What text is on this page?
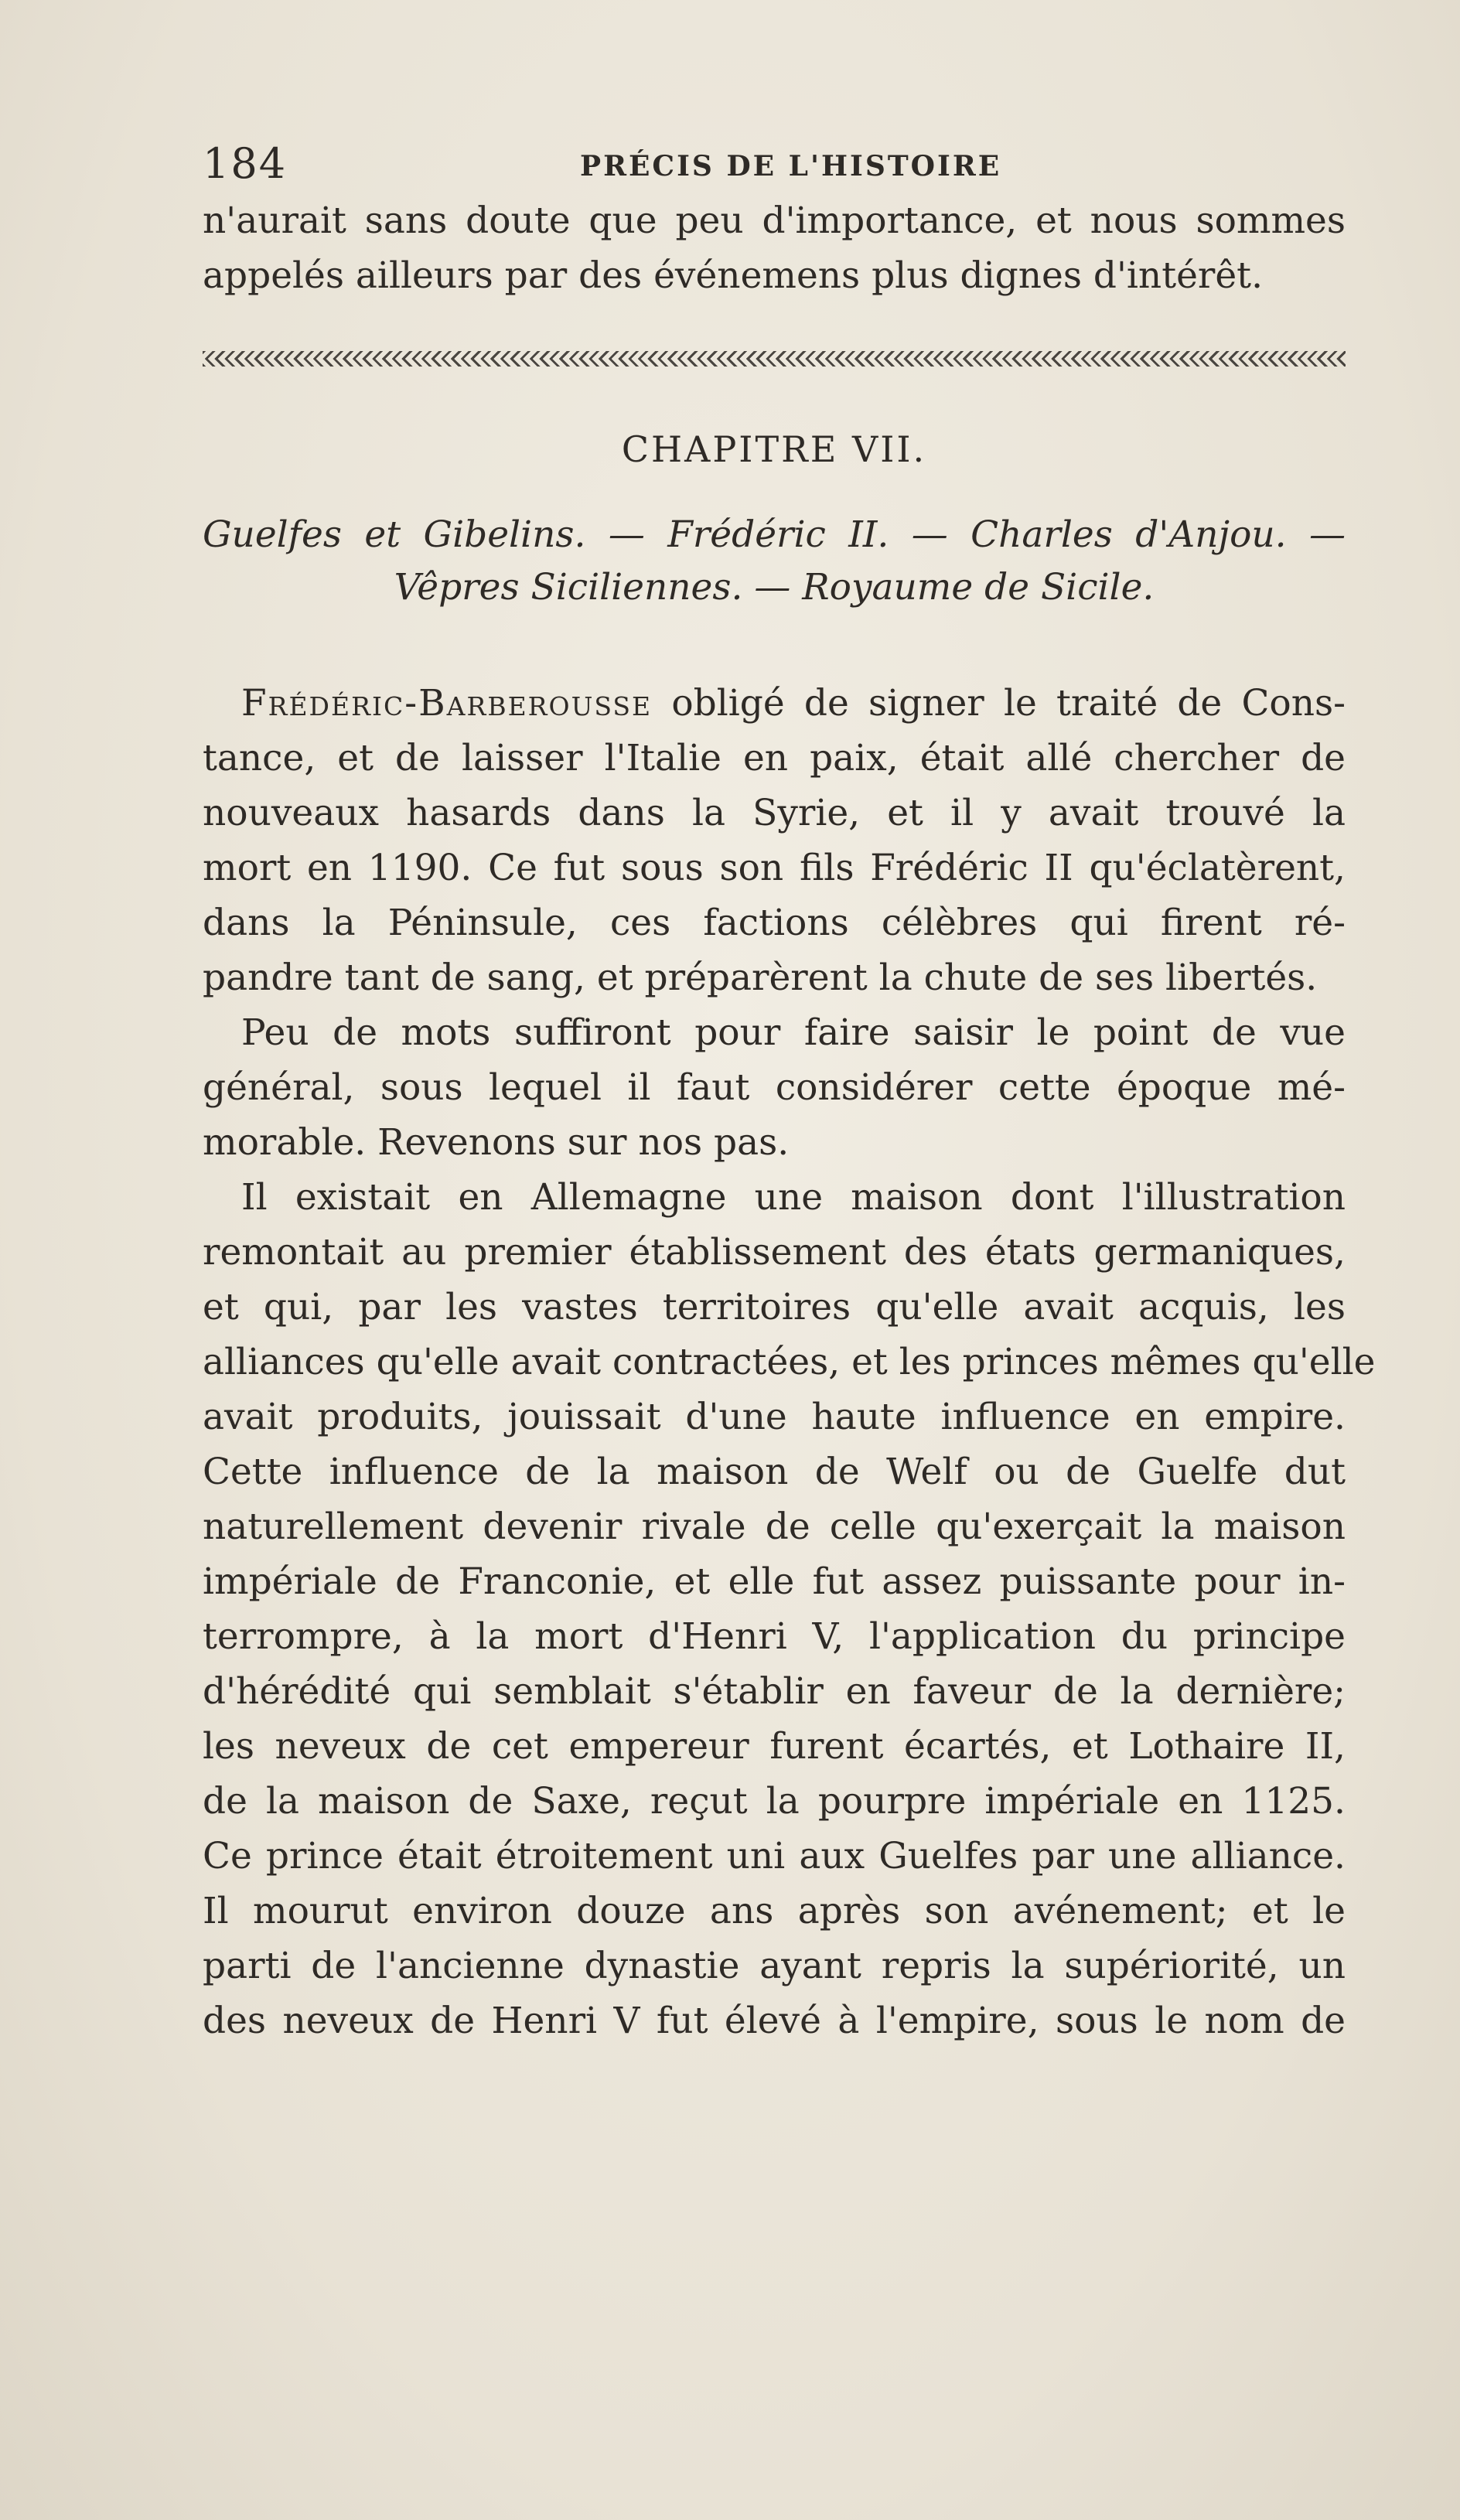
184	PRÉCIS DE L'HISTOIRE
n'aurait sans doute que peu d'importance, et nous sommes
appelés ailleurs par des événemens plus dignes d'intérêt.
CHAPITRE VII.
Guelfes et Gibelins. — Frédéric II. — Charles d'Anjou. —
Vêpres Siciliennes. — Royaume de Sicile.
Frédéric-Barberousse obligé de signer le traité de Cons-
tance, et de laisser l'Italie en paix, était allé chercher de
nouveaux hasards dans la Syrie, et il y avait trouvé la
mort en 1190. Ce fut sous son fils Frédéric II qu'éclatèrent,
dans la Péninsule, ces factions célèbres qui firent ré-
pandre tant de sang, et préparèrent la chute de ses libertés.
Peu de mots suffiront pour faire saisir le point de vue
général, sous lequel il faut considérer cette époque mé-
morable. Revenons sur nos pas.
Il existait en Allemagne une maison dont l'illustration
remontait au premier établissement des états germaniques,
et qui, par les vastes territoires qu'elle avait acquis, les
alliances qu'elle avait contractées, et les princes mêmes qu'elle
avait produits, jouissait d'une haute influence en empire.
Cette influence de la maison de Welf ou de Guelfe dut
naturellement devenir rivale de celle qu'exerçait la maison
impériale de Franconie, et elle fut assez puissante pour in-
terrompre, à la mort d'Henri V, l'application du principe
d'hérédité qui semblait s'établir en faveur de la dernière;
les neveux de cet empereur furent écartés, et Lothaire II,
de la maison de Saxe, reçut la pourpre impériale en 1125.
Ce prince était étroitement uni aux Guelfes par une alliance.
Il mourut environ douze ans après son avénement; et le
parti de l'ancienne dynastie ayant repris la supériorité, un
des neveux de Henri V fut élevé à l'empire, sous le nom de
